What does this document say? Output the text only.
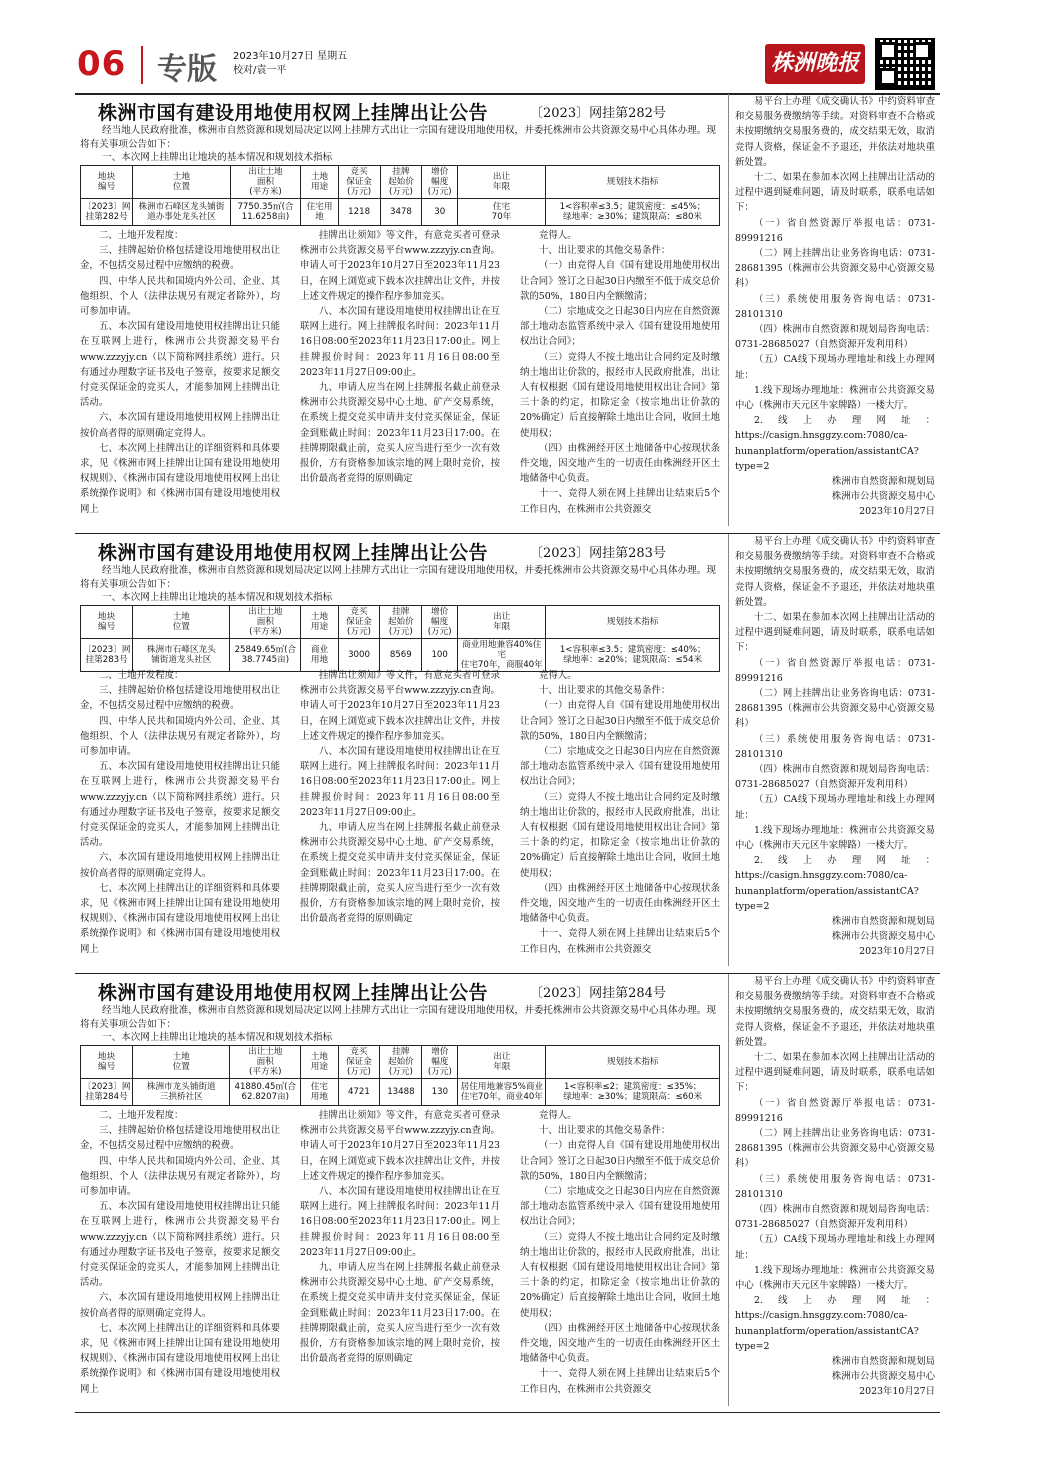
06 专版 2023年10月27日 星期五
校对/袁一平	株洲晚报
株洲市国有建设用地使用权网上挂牌出让公告	〔2023〕网挂第282号
经当地人民政府批准，株洲市自然资源和规划局决定以网上挂牌方式出让一宗国有建设用地使用权，并委托株洲市公共资源交易中心具体办理。现将有关事项公告如下：
一、本次网上挂牌出让地块的基本情况和规划技术指标
地块
编号	土地
位置	出让土地
面积
(平方米)	土地
用途	竞买
保证金
(万元)	挂牌
起始价
(万元)	增价
幅度
(万元)	出让
年限	规划技术指标
〔2023〕网
挂第282号	株洲市石峰区龙头铺街
道办事处龙头社区	7750.35㎡(合
11.6258亩)	住宅用地	1218	3478	30	住宅
70年	1<容积率≤3.5；建筑密度：≤45%；
绿地率：≥30%；建筑限高：≤80米

二、土地开发程度：

三、挂牌起始价格包括建设用地使用权出让金，不包括交易过程中应缴纳的税费。

四、中华人民共和国境内外公司、企业、其他组织、个人（法律法规另有规定者除外），均可参加申请。

五、本次国有建设用地使用权挂牌出让只能在互联网上进行，株洲市公共资源交易平台www.zzzyjy.cn（以下简称网挂系统）进行。只有通过办理数字证书及电子签章，按要求足额交付竞买保证金的竞买人，才能参加网上挂牌出让活动。

六、本次国有建设用地使用权网上挂牌出让按价高者得的原则确定竞得人。

七、本次网上挂牌出让的详细资料和具体要求，见《株洲市网上挂牌出让国有建设用地使用权规则》、《株洲市国有建设用地使用权网上出让系统操作说明》和《株洲市国有建设用地使用权网上

挂牌出让须知》等文件，有意竞买者可登录株洲市公共资源交易平台www.zzzyjy.cn查询。申请人可于2023年10月27日至2023年11月23日，在网上浏览或下载本次挂牌出让文件，并按上述文件规定的操作程序参加竞买。

八、本次国有建设用地使用权挂牌出让在互联网上进行。网上挂牌报名时间：2023年11月16日08:00至2023年11月23日17:00止。网上挂牌报价时间：2023年11月16日08:00至2023年11月27日09:00止。

九、申请人应当在网上挂牌报名截止前登录株洲市公共资源交易中心土地、矿产交易系统，在系统上提交竞买申请并支付竞买保证金，保证金到账截止时间：2023年11月23日17:00。在挂牌期限截止前，竞买人应当进行至少一次有效报价，方有资格参加该宗地的网上限时竞价，按出价最高者竞得的原则确定

竞得人。

十、出让要求的其他交易条件：

（一）由竞得人自《国有建设用地使用权出让合同》签订之日起30日内缴至不低于成交总价款的50%，180日内全额缴清；

（二）宗地成交之日起30日内应在自然资源部土地动态监管系统中录入《国有建设用地使用权出让合同》；

（三）竞得人不按土地出让合同约定及时缴纳土地出让价款的，报经市人民政府批准，出让人有权根据《国有建设用地使用权出让合同》第三十条的约定，扣除定金（按宗地出让价款的20%确定）后直接解除土地出让合同，收回土地使用权；

（四）由株洲经开区土地储备中心按现状条件交地，因交地产生的一切责任由株洲经开区土地储备中心负责。

十一、竞得人须在网上挂牌出让结束后5个工作日内，在株洲市公共资源交

易平台上办理《成交确认书》中约资料审查和交易服务费缴纳等手续。对资料审查不合格或未按期缴纳交易服务费的，成交结果无效，取消竞得人资格，保证金不予退还，并依法对地块重新处置。

十二、如果在参加本次网上挂牌出让活动的过程中遇到疑难问题，请及时联系，联系电话如下：

（一）省自然资源厅举报电话：0731-89991216

（二）网上挂牌出让业务咨询电话：0731-28681395（株洲市公共资源交易中心资源交易科）

（三）系统使用服务咨询电话：0731-28101310

（四）株洲市自然资源和规划局咨询电话：0731-28685027（自然资源开发利用科）

（五）CA线下现场办理地址和线上办理网址：

1.线下现场办理地址：株洲市公共资源交易中心（株洲市天元区牛家牌路）一楼大厅。

2.线上办理网址：https://casign.hnsggzy.com:7080/ca-hunanplatform/operation/assistantCA?type=2

株洲市自然资源和规划局

株洲市公共资源交易中心

2023年10月27日

株洲市国有建设用地使用权网上挂牌出让公告	〔2023〕网挂第283号
经当地人民政府批准，株洲市自然资源和规划局决定以网上挂牌方式出让一宗国有建设用地使用权，并委托株洲市公共资源交易中心具体办理。现将有关事项公告如下：
一、本次网上挂牌出让地块的基本情况和规划技术指标
地块
编号	土地
位置	出让土地
面积
(平方米)	土地
用途	竞买
保证金
(万元)	挂牌
起始价
(万元)	增价
幅度
(万元)	出让
年限	规划技术指标
〔2023〕网
挂第283号	株洲市石峰区龙头
铺街道龙头社区	25849.65㎡(合
38.7745亩)	商业
用地	3000	8569	100	商业用地兼容40%住宅
住宅70年，商服40年	1<容积率≤3.5；建筑密度：≤40%；
绿地率：≥20%；建筑限高：≤54米

二、土地开发程度：

三、挂牌起始价格包括建设用地使用权出让金，不包括交易过程中应缴纳的税费。

四、中华人民共和国境内外公司、企业、其他组织、个人（法律法规另有规定者除外），均可参加申请。

五、本次国有建设用地使用权挂牌出让只能在互联网上进行，株洲市公共资源交易平台www.zzzyjy.cn（以下简称网挂系统）进行。只有通过办理数字证书及电子签章，按要求足额交付竞买保证金的竞买人，才能参加网上挂牌出让活动。

六、本次国有建设用地使用权网上挂牌出让按价高者得的原则确定竞得人。

七、本次网上挂牌出让的详细资料和具体要求，见《株洲市网上挂牌出让国有建设用地使用权规则》、《株洲市国有建设用地使用权网上出让系统操作说明》和《株洲市国有建设用地使用权网上

挂牌出让须知》等文件，有意竞买者可登录株洲市公共资源交易平台www.zzzyjy.cn查询。申请人可于2023年10月27日至2023年11月23日，在网上浏览或下载本次挂牌出让文件，并按上述文件规定的操作程序参加竞买。

八、本次国有建设用地使用权挂牌出让在互联网上进行。网上挂牌报名时间：2023年11月16日08:00至2023年11月23日17:00止。网上挂牌报价时间：2023年11月16日08:00至2023年11月27日09:00止。

九、申请人应当在网上挂牌报名截止前登录株洲市公共资源交易中心土地、矿产交易系统，在系统上提交竞买申请并支付竞买保证金，保证金到账截止时间：2023年11月23日17:00。在挂牌期限截止前，竞买人应当进行至少一次有效报价，方有资格参加该宗地的网上限时竞价，按出价最高者竞得的原则确定

竞得人。

十、出让要求的其他交易条件：

（一）由竞得人自《国有建设用地使用权出让合同》签订之日起30日内缴至不低于成交总价款的50%，180日内全额缴清；

（二）宗地成交之日起30日内应在自然资源部土地动态监管系统中录入《国有建设用地使用权出让合同》；

（三）竞得人不按土地出让合同约定及时缴纳土地出让价款的，报经市人民政府批准，出让人有权根据《国有建设用地使用权出让合同》第三十条的约定，扣除定金（按宗地出让价款的20%确定）后直接解除土地出让合同，收回土地使用权；

（四）由株洲经开区土地储备中心按现状条件交地，因交地产生的一切责任由株洲经开区土地储备中心负责。

十一、竞得人须在网上挂牌出让结束后5个工作日内，在株洲市公共资源交

易平台上办理《成交确认书》中约资料审查和交易服务费缴纳等手续。对资料审查不合格或未按期缴纳交易服务费的，成交结果无效，取消竞得人资格，保证金不予退还，并依法对地块重新处置。

十二、如果在参加本次网上挂牌出让活动的过程中遇到疑难问题，请及时联系，联系电话如下：

（一）省自然资源厅举报电话：0731-89991216

（二）网上挂牌出让业务咨询电话：0731-28681395（株洲市公共资源交易中心资源交易科）

（三）系统使用服务咨询电话：0731-28101310

（四）株洲市自然资源和规划局咨询电话：0731-28685027（自然资源开发利用科）

（五）CA线下现场办理地址和线上办理网址：

1.线下现场办理地址：株洲市公共资源交易中心（株洲市天元区牛家牌路）一楼大厅。

2.线上办理网址：https://casign.hnsggzy.com:7080/ca-hunanplatform/operation/assistantCA?type=2

株洲市自然资源和规划局

株洲市公共资源交易中心

2023年10月27日

株洲市国有建设用地使用权网上挂牌出让公告	〔2023〕网挂第284号
经当地人民政府批准，株洲市自然资源和规划局决定以网上挂牌方式出让一宗国有建设用地使用权，并委托株洲市公共资源交易中心具体办理。现将有关事项公告如下：
一、本次网上挂牌出让地块的基本情况和规划技术指标
地块
编号	土地
位置	出让土地
面积
(平方米)	土地
用途	竞买
保证金
(万元)	挂牌
起始价
(万元)	增价
幅度
(万元)	出让
年限	规划技术指标
〔2023〕网
挂第284号	株洲市龙头铺街道
三拱桥社区	41880.45㎡(合
62.8207亩)	住宅
用地	4721	13488	130	居住用地兼容5%商业
住宅70年，商业40年	1<容积率≤2；建筑密度：≤35%；
绿地率：≥30%；建筑限高：≤60米

二、土地开发程度：

三、挂牌起始价格包括建设用地使用权出让金，不包括交易过程中应缴纳的税费。

四、中华人民共和国境内外公司、企业、其他组织、个人（法律法规另有规定者除外），均可参加申请。

五、本次国有建设用地使用权挂牌出让只能在互联网上进行，株洲市公共资源交易平台www.zzzyjy.cn（以下简称网挂系统）进行。只有通过办理数字证书及电子签章，按要求足额交付竞买保证金的竞买人，才能参加网上挂牌出让活动。

六、本次国有建设用地使用权网上挂牌出让按价高者得的原则确定竞得人。

七、本次网上挂牌出让的详细资料和具体要求，见《株洲市网上挂牌出让国有建设用地使用权规则》、《株洲市国有建设用地使用权网上出让系统操作说明》和《株洲市国有建设用地使用权网上

挂牌出让须知》等文件，有意竞买者可登录株洲市公共资源交易平台www.zzzyjy.cn查询。申请人可于2023年10月27日至2023年11月23日，在网上浏览或下载本次挂牌出让文件，并按上述文件规定的操作程序参加竞买。

八、本次国有建设用地使用权挂牌出让在互联网上进行。网上挂牌报名时间：2023年11月16日08:00至2023年11月23日17:00止。网上挂牌报价时间：2023年11月16日08:00至2023年11月27日09:00止。

九、申请人应当在网上挂牌报名截止前登录株洲市公共资源交易中心土地、矿产交易系统，在系统上提交竞买申请并支付竞买保证金，保证金到账截止时间：2023年11月23日17:00。在挂牌期限截止前，竞买人应当进行至少一次有效报价，方有资格参加该宗地的网上限时竞价，按出价最高者竞得的原则确定

竞得人。

十、出让要求的其他交易条件：

（一）由竞得人自《国有建设用地使用权出让合同》签订之日起30日内缴至不低于成交总价款的50%，180日内全额缴清；

（二）宗地成交之日起30日内应在自然资源部土地动态监管系统中录入《国有建设用地使用权出让合同》；

（三）竞得人不按土地出让合同约定及时缴纳土地出让价款的，报经市人民政府批准，出让人有权根据《国有建设用地使用权出让合同》第三十条的约定，扣除定金（按宗地出让价款的20%确定）后直接解除土地出让合同，收回土地使用权；

（四）由株洲经开区土地储备中心按现状条件交地，因交地产生的一切责任由株洲经开区土地储备中心负责。

十一、竞得人须在网上挂牌出让结束后5个工作日内，在株洲市公共资源交

易平台上办理《成交确认书》中约资料审查和交易服务费缴纳等手续。对资料审查不合格或未按期缴纳交易服务费的，成交结果无效，取消竞得人资格，保证金不予退还，并依法对地块重新处置。

十二、如果在参加本次网上挂牌出让活动的过程中遇到疑难问题，请及时联系，联系电话如下：

（一）省自然资源厅举报电话：0731-89991216

（二）网上挂牌出让业务咨询电话：0731-28681395（株洲市公共资源交易中心资源交易科）

（三）系统使用服务咨询电话：0731-28101310

（四）株洲市自然资源和规划局咨询电话：0731-28685027（自然资源开发利用科）

（五）CA线下现场办理地址和线上办理网址：

1.线下现场办理地址：株洲市公共资源交易中心（株洲市天元区牛家牌路）一楼大厅。

2.线上办理网址：https://casign.hnsggzy.com:7080/ca-hunanplatform/operation/assistantCA?type=2

株洲市自然资源和规划局

株洲市公共资源交易中心

2023年10月27日
